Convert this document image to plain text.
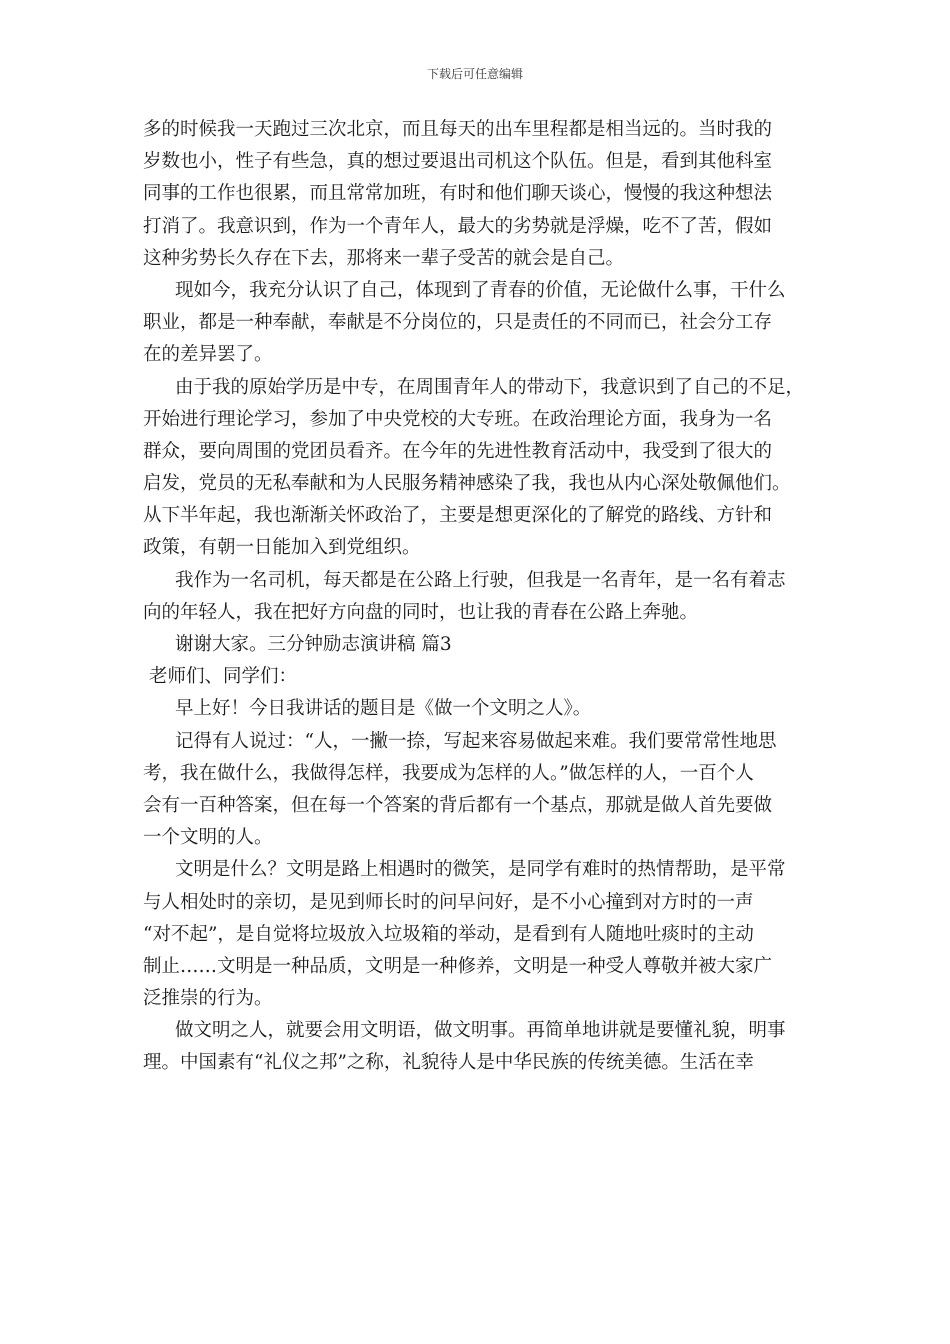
下载后可任意编辑
多的时候我一天跑过三次北京，而且每天的出车里程都是相当远的。当时我的
岁数也小，性子有些急，真的想过要退出司机这个队伍。但是，看到其他科室
同事的工作也很累，而且常常加班，有时和他们聊天谈心，慢慢的我这种想法
打消了。我意识到，作为一个青年人，最大的劣势就是浮燥，吃不了苦，假如
这种劣势长久存在下去，那将来一辈子受苦的就会是自己。
现如今，我充分认识了自己，体现到了青春的价值，无论做什么事，干什么
职业，都是一种奉献，奉献是不分岗位的，只是责任的不同而已，社会分工存
在的差异罢了。
由于我的原始学历是中专，在周围青年人的带动下，我意识到了自己的不足，
开始进行理论学习，参加了中央党校的大专班。在政治理论方面，我身为一名
群众，要向周围的党团员看齐。在今年的先进性教育活动中，我受到了很大的
启发，党员的无私奉献和为人民服务精神感染了我，我也从内心深处敬佩他们。
从下半年起，我也渐渐关怀政治了，主要是想更深化的了解党的路线、方针和
政策，有朝一日能加入到党组织。
我作为一名司机，每天都是在公路上行驶，但我是一名青年，是一名有着志
向的年轻人，我在把好方向盘的同时，也让我的青春在公路上奔驰。
谢谢大家。三分钟励志演讲稿 篇3
老师们、同学们：
早上好！今日我讲话的题目是《做一个文明之人》。
记得有人说过：“人，一撇一捺，写起来容易做起来难。我们要常常性地思
考，我在做什么，我做得怎样，我要成为怎样的人。”做怎样的人，一百个人
会有一百种答案，但在每一个答案的背后都有一个基点，那就是做人首先要做
一个文明的人。
文明是什么？文明是路上相遇时的微笑，是同学有难时的热情帮助，是平常
与人相处时的亲切，是见到师长时的问早问好，是不小心撞到对方时的一声
“对不起”，是自觉将垃圾放入垃圾箱的举动，是看到有人随地吐痰时的主动
制止……文明是一种品质，文明是一种修养，文明是一种受人尊敬并被大家广
泛推崇的行为。
做文明之人，就要会用文明语，做文明事。再简单地讲就是要懂礼貌，明事
理。中国素有“礼仪之邦”之称，礼貌待人是中华民族的传统美德。生活在幸
